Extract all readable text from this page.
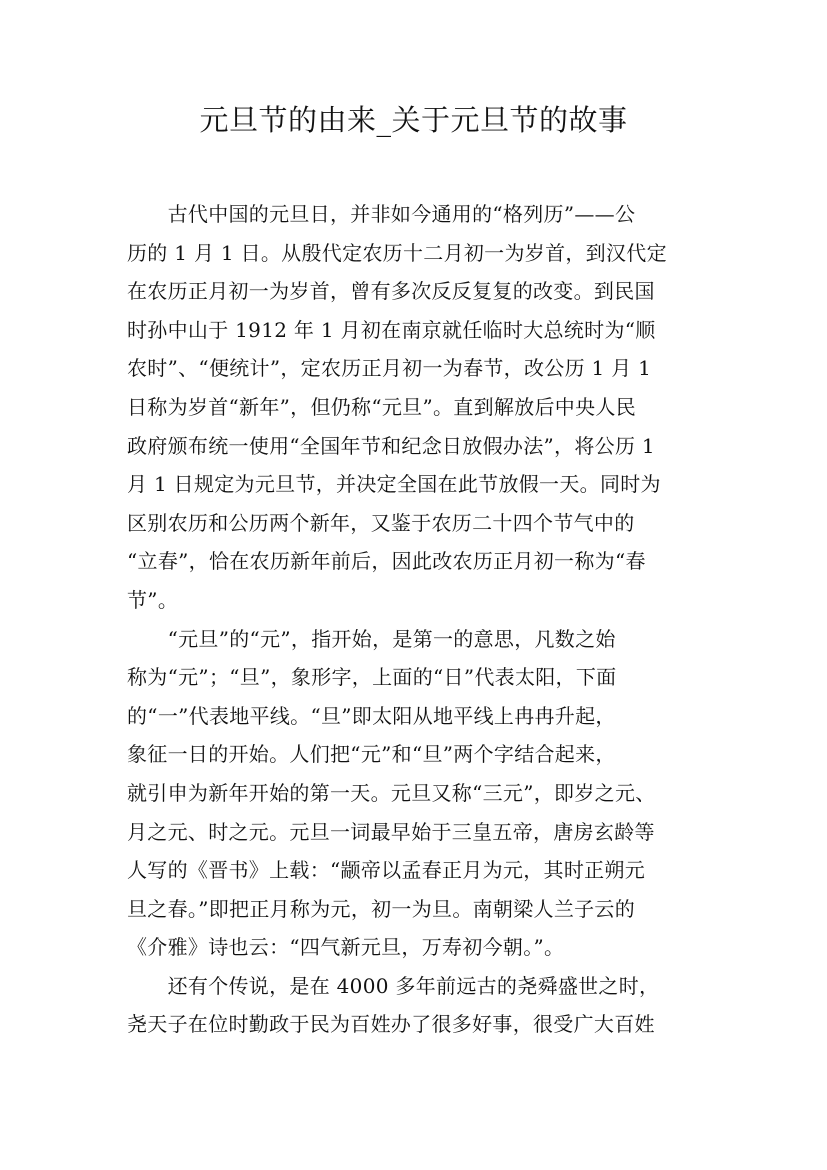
元旦节的由来_关于元旦节的故事
　　古代中国的元旦日，并非如今通用的“格列历”——公
历的 1 月 1 日。从殷代定农历十二月初一为岁首，到汉代定
在农历正月初一为岁首，曾有多次反反复复的改变。到民国
时孙中山于 1912 年 1 月初在南京就任临时大总统时为“顺
农时”、“便统计”，定农历正月初一为春节，改公历 1 月 1
日称为岁首“新年”，但仍称“元旦”。直到解放后中央人民
政府颁布统一使用“全国年节和纪念日放假办法”，将公历 1
月 1 日规定为元旦节，并决定全国在此节放假一天。同时为
区别农历和公历两个新年，又鉴于农历二十四个节气中的
“立春”，恰在农历新年前后，因此改农历正月初一称为“春
节”。
　　“元旦”的“元”，指开始，是第一的意思，凡数之始
称为“元”；“旦”，象形字，上面的“日”代表太阳，下面
的“一”代表地平线。“旦”即太阳从地平线上冉冉升起，
象征一日的开始。人们把“元”和“旦”两个字结合起来，
就引申为新年开始的第一天。元旦又称“三元”，即岁之元、
月之元、时之元。元旦一词最早始于三皇五帝，唐房玄龄等
人写的《晋书》上载：“颛帝以孟春正月为元，其时正朔元
旦之春。”即把正月称为元，初一为旦。南朝梁人兰子云的
《介雅》诗也云：“四气新元旦，万寿初今朝。”。
　　还有个传说，是在 4000 多年前远古的尧舜盛世之时，
尧天子在位时勤政于民为百姓办了很多好事，很受广大百姓
